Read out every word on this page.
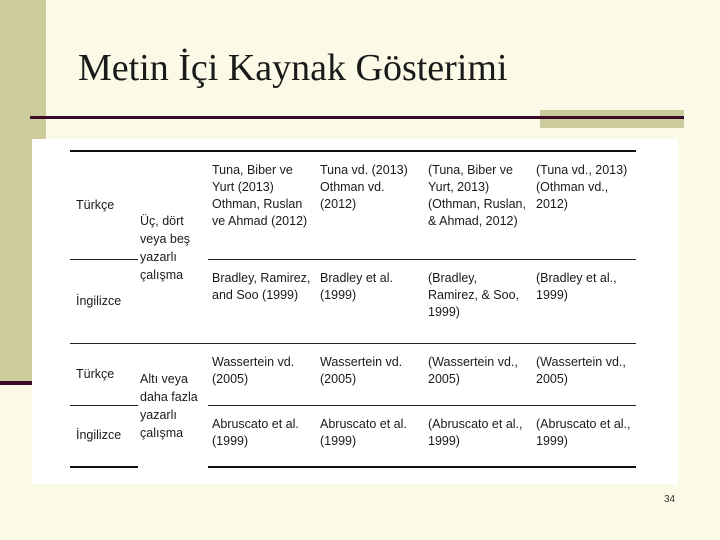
Metin İçi Kaynak Gösterimi
Türkçe	Üç, dört veya beş yazarlı çalışma	Tuna, Biber ve Yurt (2013) Othman, Ruslan ve Ahmad (2012)	Tuna vd. (2013) Othman vd. (2012)	(Tuna, Biber ve Yurt, 2013) (Othman, Ruslan, & Ahmad, 2012)	(Tuna vd., 2013) (Othman vd., 2012)
İngilizce		Bradley, Ramirez, and Soo (1999)	Bradley et al. (1999)	(Bradley, Ramirez, & Soo, 1999)	(Bradley et al., 1999)
Türkçe	Altı veya daha fazla yazarlı çalışma	Wassertein vd. (2005)	Wassertein vd. (2005)	(Wassertein vd., 2005)	(Wassertein vd., 2005)
İngilizce		Abruscato et al. (1999)	Abruscato et al. (1999)	(Abruscato et al., 1999)	(Abruscato et al., 1999)
34
